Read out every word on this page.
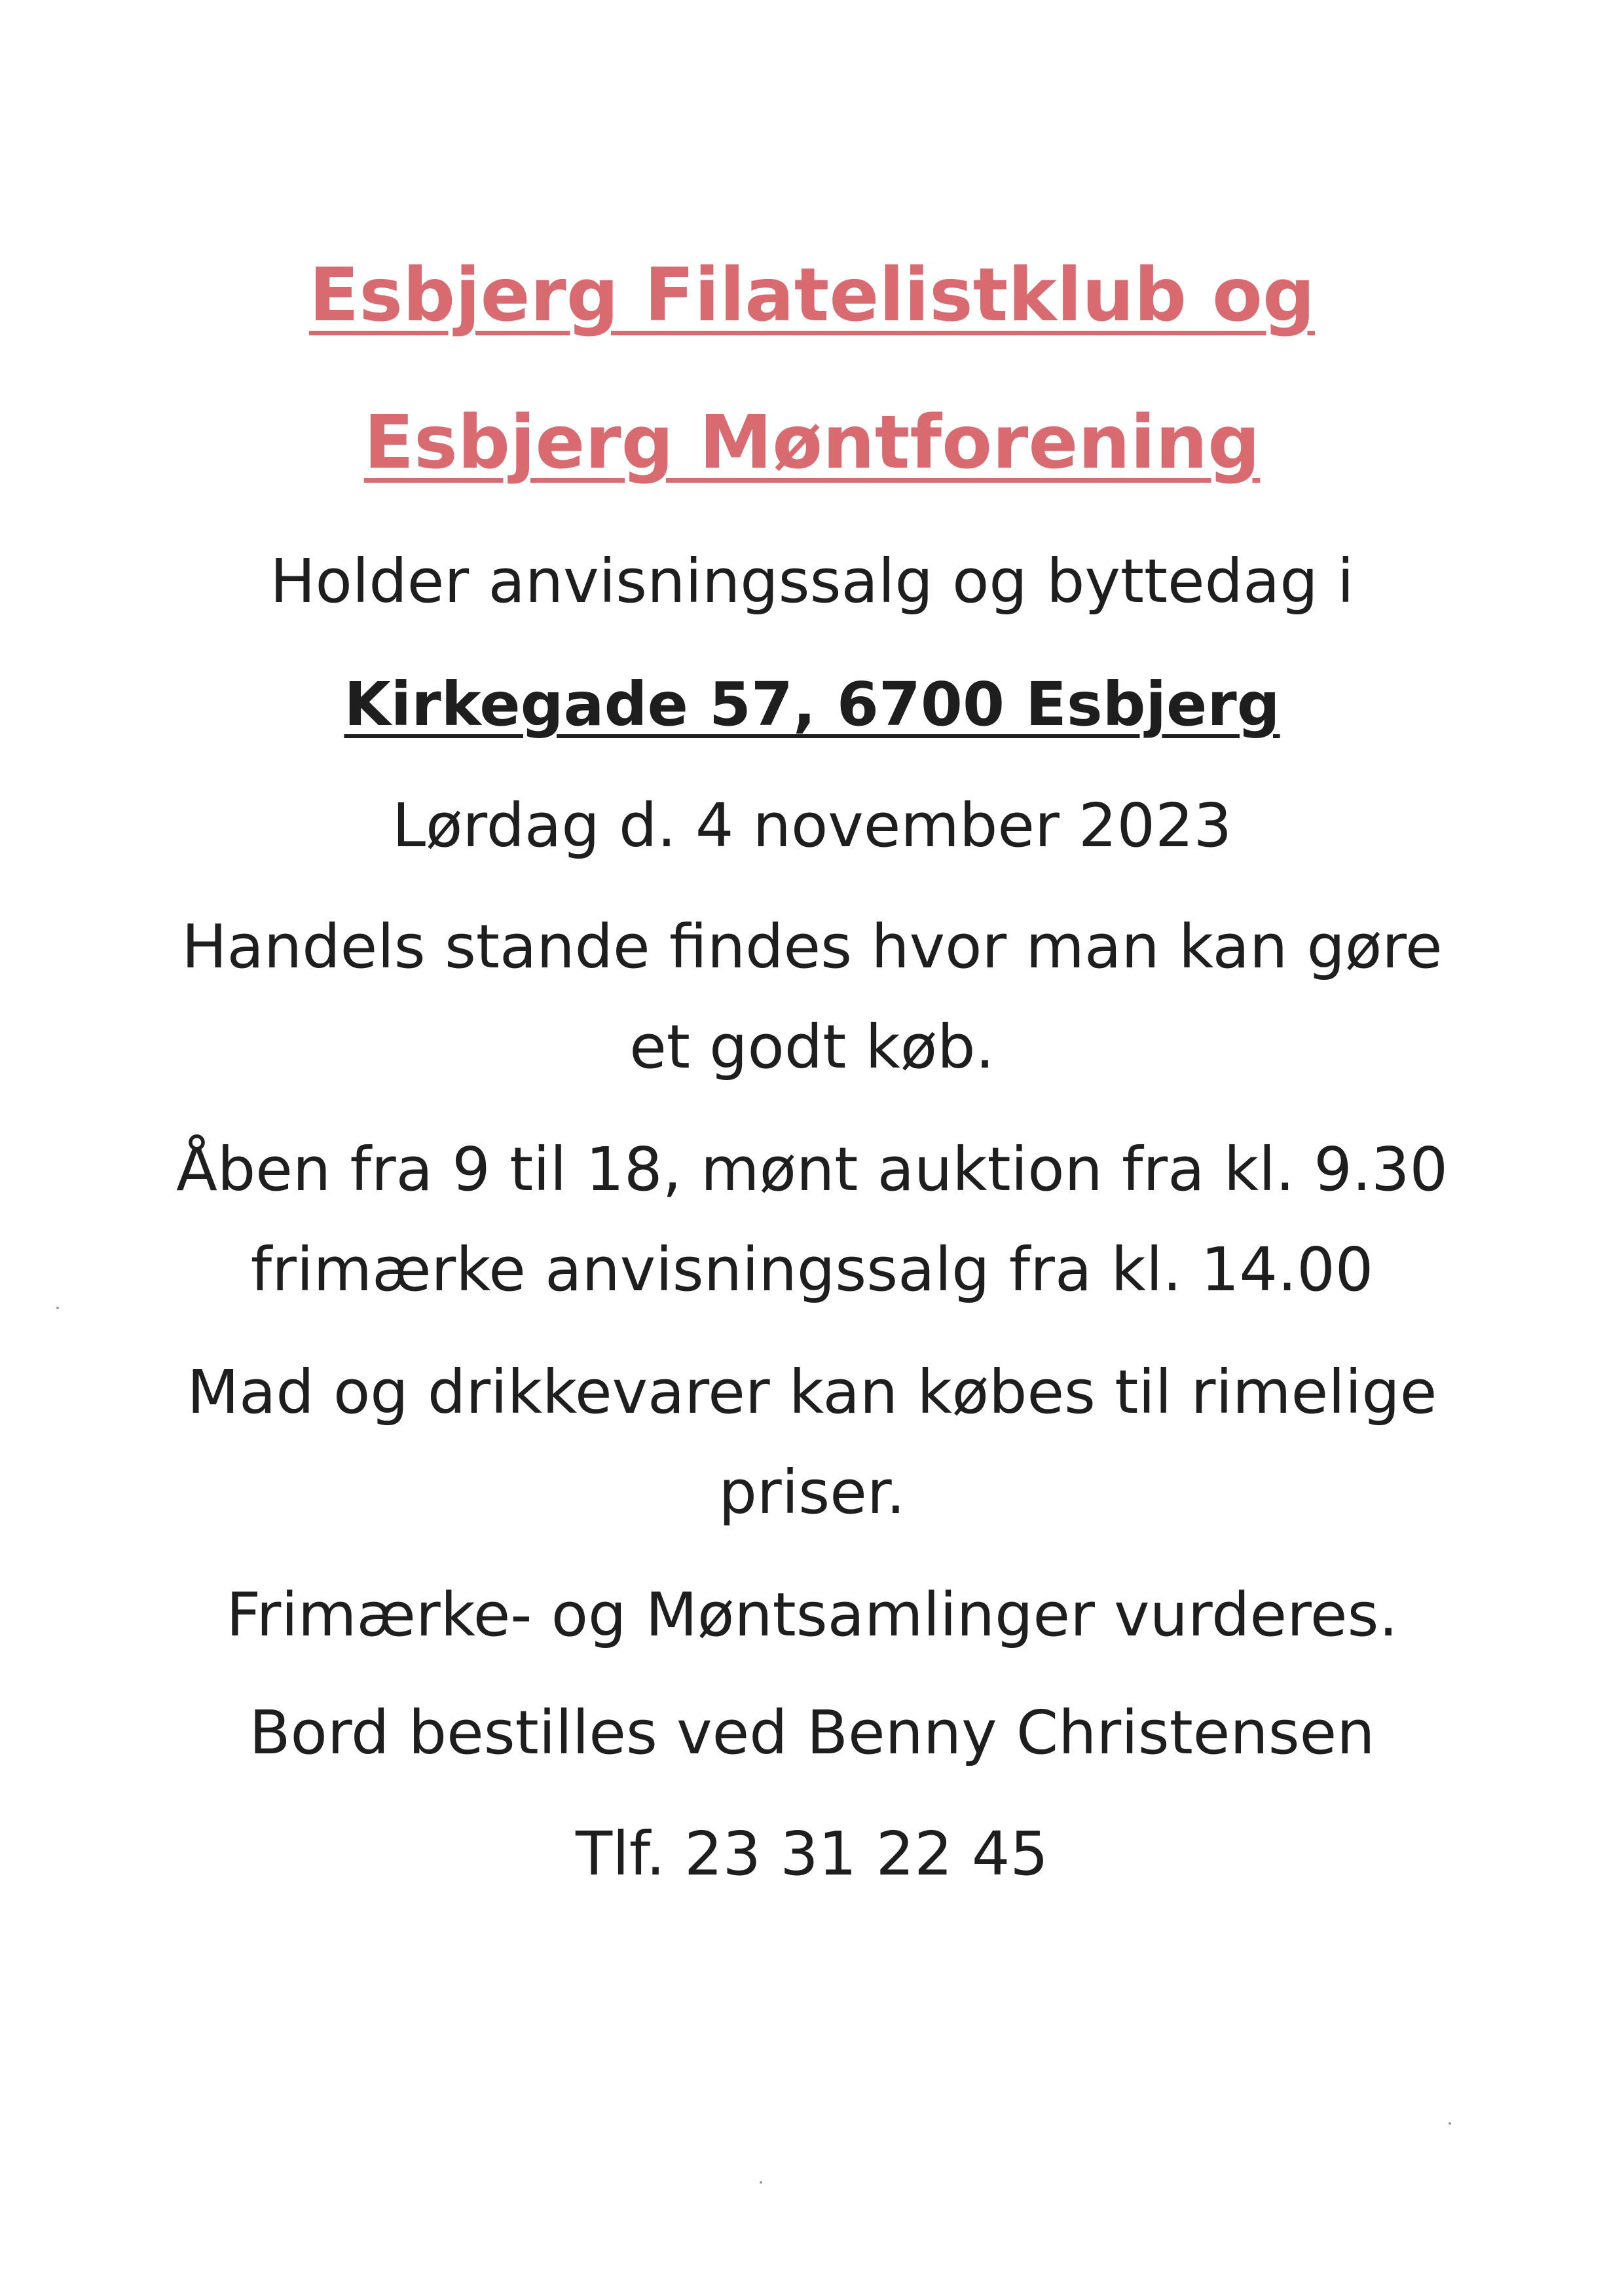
Esbjerg Filatelistklub og
Esbjerg Møntforening
Holder anvisningssalg og byttedag i
Kirkegade 57, 6700 Esbjerg
Lørdag d. 4 november 2023
Handels stande findes hvor man kan gøre
et godt køb.
Åben fra 9 til 18, mønt auktion fra kl. 9.30
frimærke anvisningssalg fra kl. 14.00
Mad og drikkevarer kan købes til rimelige
priser.
Frimærke- og Møntsamlinger vurderes.
Bord bestilles ved Benny Christensen
Tlf. 23 31 22 45
